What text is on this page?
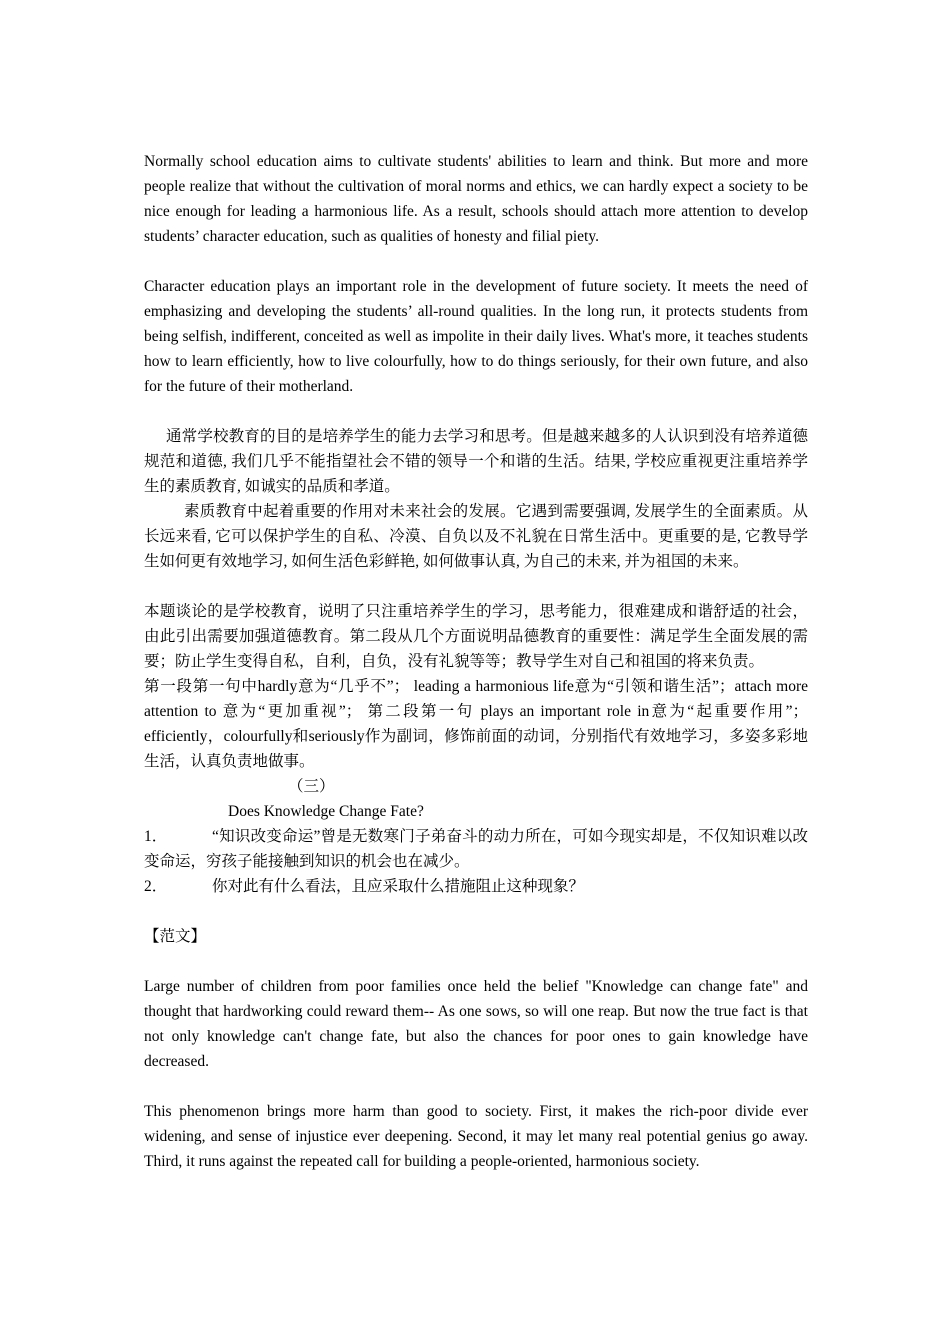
Normally school education aims to cultivate students' abilities to learn and think. But more and more people realize that without the cultivation of moral norms and ethics, we can hardly expect a society to be nice enough for leading a harmonious life. As a result, schools should attach more attention to develop students’ character education, such as qualities of honesty and filial piety.

Character education plays an important role in the development of future society. It meets the need of emphasizing and developing the students’ all-round qualities. In the long run, it protects students from being selfish, indifferent, conceited as well as impolite in their daily lives. What's more, it teaches students how to learn efficiently, how to live colourfully, how to do things seriously, for their own future, and also for the future of their motherland.

通常学校教育的目的是培养学生的能力去学习和思考。但是越来越多的人认识到没有培养道德规范和道德, 我们几乎不能指望社会不错的领导一个和谐的生活。结果, 学校应重视更注重培养学生的素质教育, 如诚实的品质和孝道。

素质教育中起着重要的作用对未来社会的发展。它遇到需要强调, 发展学生的全面素质。从长远来看, 它可以保护学生的自私、冷漠、自负以及不礼貌在日常生活中。更重要的是, 它教导学生如何更有效地学习, 如何生活色彩鲜艳, 如何做事认真, 为自己的未来, 并为祖国的未来。

本题谈论的是学校教育，说明了只注重培养学生的学习，思考能力，很难建成和谐舒适的社会，由此引出需要加强道德教育。第二段从几个方面说明品德教育的重要性：满足学生全面发展的需要；防止学生变得自私，自利，自负，没有礼貌等等；教导学生对自己和祖国的将来负责。

第一段第一句中hardly意为“几乎不”； leading a harmonious life意为“引领和谐生活”；attach more attention to 意为“更加重视”； 第二段第一句 plays an important role in意为“起重要作用”；efficiently，colourfully和seriously作为副词，修饰前面的动词，分别指代有效地学习，多姿多彩地生活，认真负责地做事。

（三）

Does Knowledge Change Fate?

1．	“知识改变命运”曾是无数寒门子弟奋斗的动力所在，可如今现实却是，不仅知识难以改变命运，穷孩子能接触到知识的机会也在减少。

2．	你对此有什么看法，且应采取什么措施阻止这种现象？

【范文】

Large number of children from poor families once held the belief "Knowledge can change fate" and thought that hardworking could reward them-- As one sows, so will one reap. But now the true fact is that not only knowledge can't change fate, but also the chances for poor ones to gain knowledge have decreased.

This phenomenon brings more harm than good to society. First, it makes the rich-poor divide ever widening, and sense of injustice ever deepening. Second, it may let many real potential genius go away. Third, it runs against the repeated call for building a people-oriented, harmonious society.
